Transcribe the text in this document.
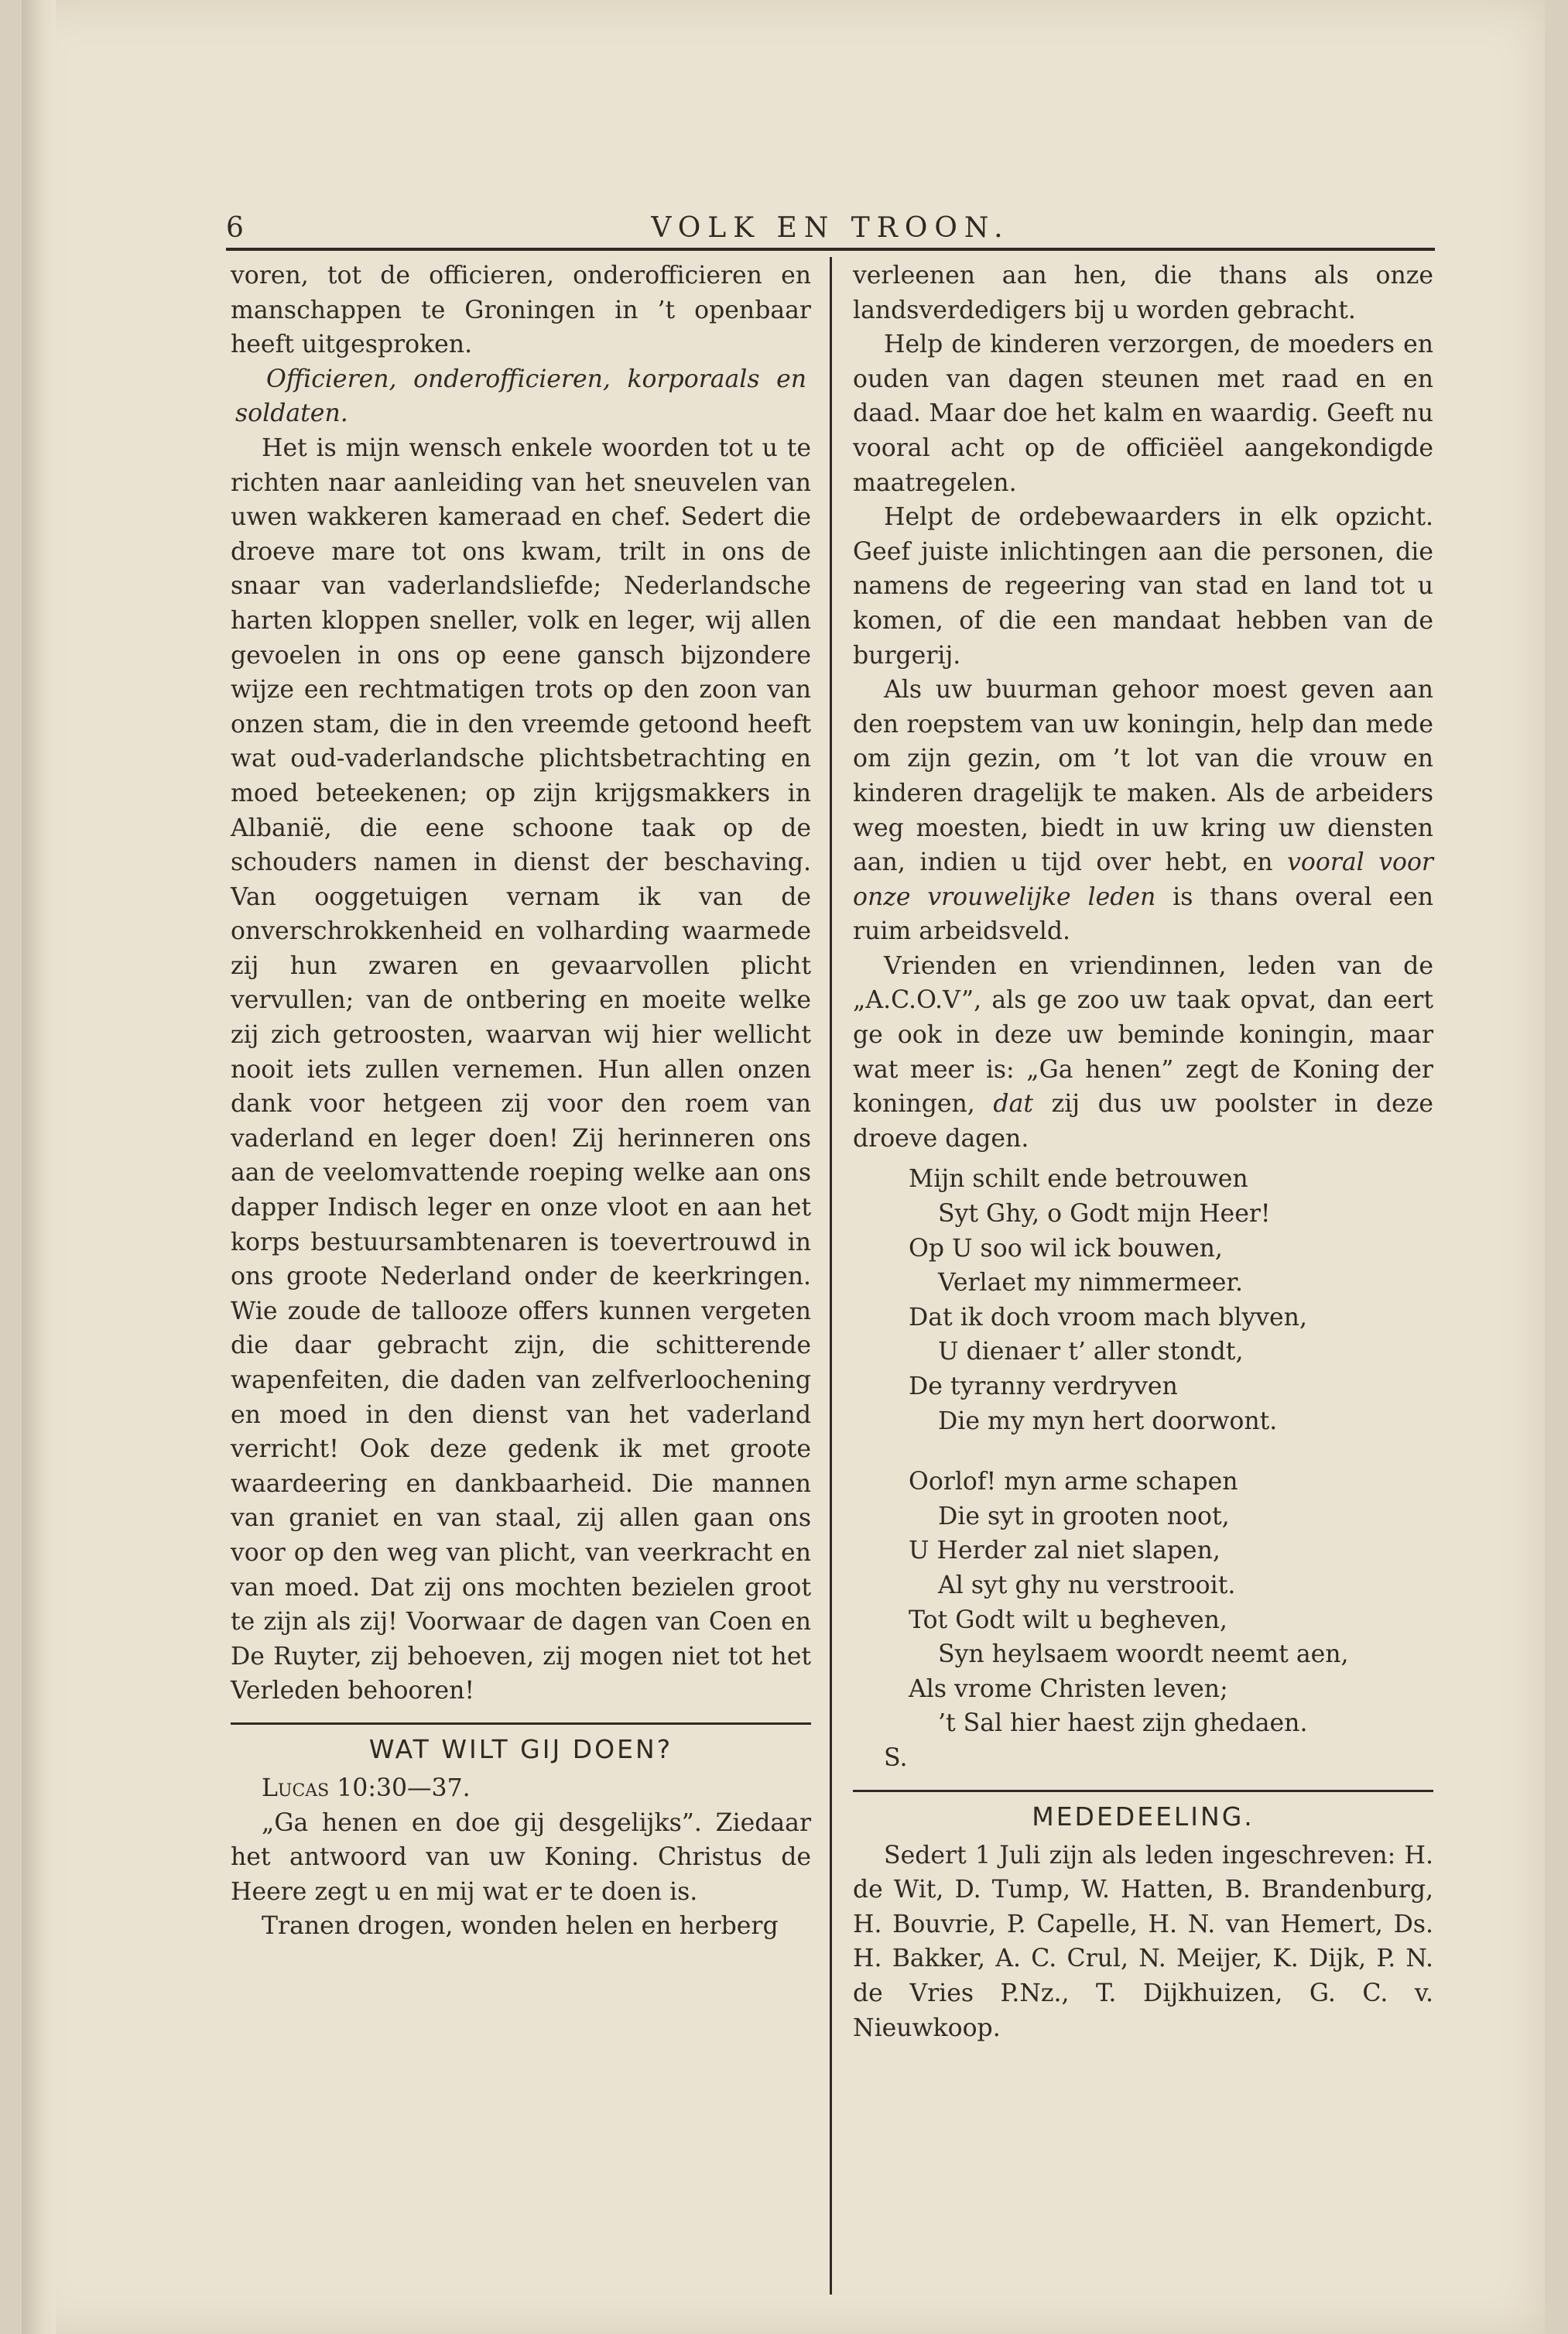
6	VOLK EN TROON.

voren, tot de officieren, onderofficieren en manschappen te Groningen in ’t openbaar heeft uitgesproken.

Officieren, onderofficieren, korporaals en soldaten.

Het is mijn wensch enkele woorden tot u te richten naar aanleiding van het sneuvelen van uwen wakkeren kameraad en chef. Sedert die droeve mare tot ons kwam, trilt in ons de snaar van vaderlandsliefde; Nederlandsche harten kloppen sneller, volk en leger, wij allen gevoelen in ons op eene gansch bijzondere wijze een rechtmatigen trots op den zoon van onzen stam, die in den vreemde getoond heeft wat oud-vaderlandsche plichtsbetrachting en moed beteekenen; op zijn krijgsmakkers in Albanië, die eene schoone taak op de schouders namen in dienst der beschaving. Van ooggetuigen vernam ik van de onverschrokkenheid en volharding waarmede zij hun zwaren en gevaarvollen plicht vervullen; van de ontbering en moeite welke zij zich getroosten, waarvan wij hier wellicht nooit iets zullen vernemen. Hun allen onzen dank voor hetgeen zij voor den roem van vaderland en leger doen! Zij herinneren ons aan de veelomvattende roeping welke aan ons dapper Indisch leger en onze vloot en aan het korps bestuursambtenaren is toevertrouwd in ons groote Nederland onder de keerkringen. Wie zoude de tallooze offers kunnen vergeten die daar gebracht zijn, die schitterende wapenfeiten, die daden van zelfverloochening en moed in den dienst van het vaderland verricht! Ook deze gedenk ik met groote waardeering en dankbaarheid. Die mannen van graniet en van staal, zij allen gaan ons voor op den weg van plicht, van veerkracht en van moed. Dat zij ons mochten bezielen groot te zijn als zij! Voorwaar de dagen van Coen en De Ruyter, zij behoeven, zij mogen niet tot het Verleden behooren!

WAT WILT GIJ DOEN?

Lucas 10:30—37.

„Ga henen en doe gij desgelijks”. Ziedaar het antwoord van uw Koning. Christus de Heere zegt u en mij wat er te doen is.

Tranen drogen, wonden helen en herberg

verleenen aan hen, die thans als onze landsverdedigers bij u worden gebracht.

Help de kinderen verzorgen, de moeders en ouden van dagen steunen met raad en en daad. Maar doe het kalm en waardig. Geeft nu vooral acht op de officiëel aangekondigde maatregelen.

Helpt de ordebewaarders in elk opzicht. Geef juiste inlichtingen aan die personen, die namens de regeering van stad en land tot u komen, of die een mandaat hebben van de burgerij.

Als uw buurman gehoor moest geven aan den roepstem van uw koningin, help dan mede om zijn gezin, om ’t lot van die vrouw en kinderen dragelijk te maken. Als de arbeiders weg moesten, biedt in uw kring uw diensten aan, indien u tijd over hebt, en vooral voor onze vrouwelijke leden is thans overal een ruim arbeidsveld.

Vrienden en vriendinnen, leden van de „A.C.O.V”, als ge zoo uw taak opvat, dan eert ge ook in deze uw beminde koningin, maar wat meer is: „Ga henen” zegt de Koning der koningen, dat zij dus uw poolster in deze droeve dagen.

Mijn schilt ende betrouwen
Syt Ghy, o Godt mijn Heer!
Op U soo wil ick bouwen,
Verlaet my nimmermeer.
Dat ik doch vroom mach blyven,
U dienaer t’ aller stondt,
De tyranny verdryven
Die my myn hert doorwont.
Oorlof! myn arme schapen
Die syt in grooten noot,
U Herder zal niet slapen,
Al syt ghy nu verstrooit.
Tot Godt wilt u begheven,
Syn heylsaem woordt neemt aen,
Als vrome Christen leven;
’t Sal hier haest zijn ghedaen.

S.

MEDEDEELING.

Sedert 1 Juli zijn als leden ingeschreven: H. de Wit, D. Tump, W. Hatten, B. Brandenburg, H. Bouvrie, P. Capelle, H. N. van Hemert, Ds. H. Bakker, A. C. Crul, N. Meijer, K. Dijk, P. N. de Vries P.Nz., T. Dijkhuizen, G. C. v. Nieuwkoop.
